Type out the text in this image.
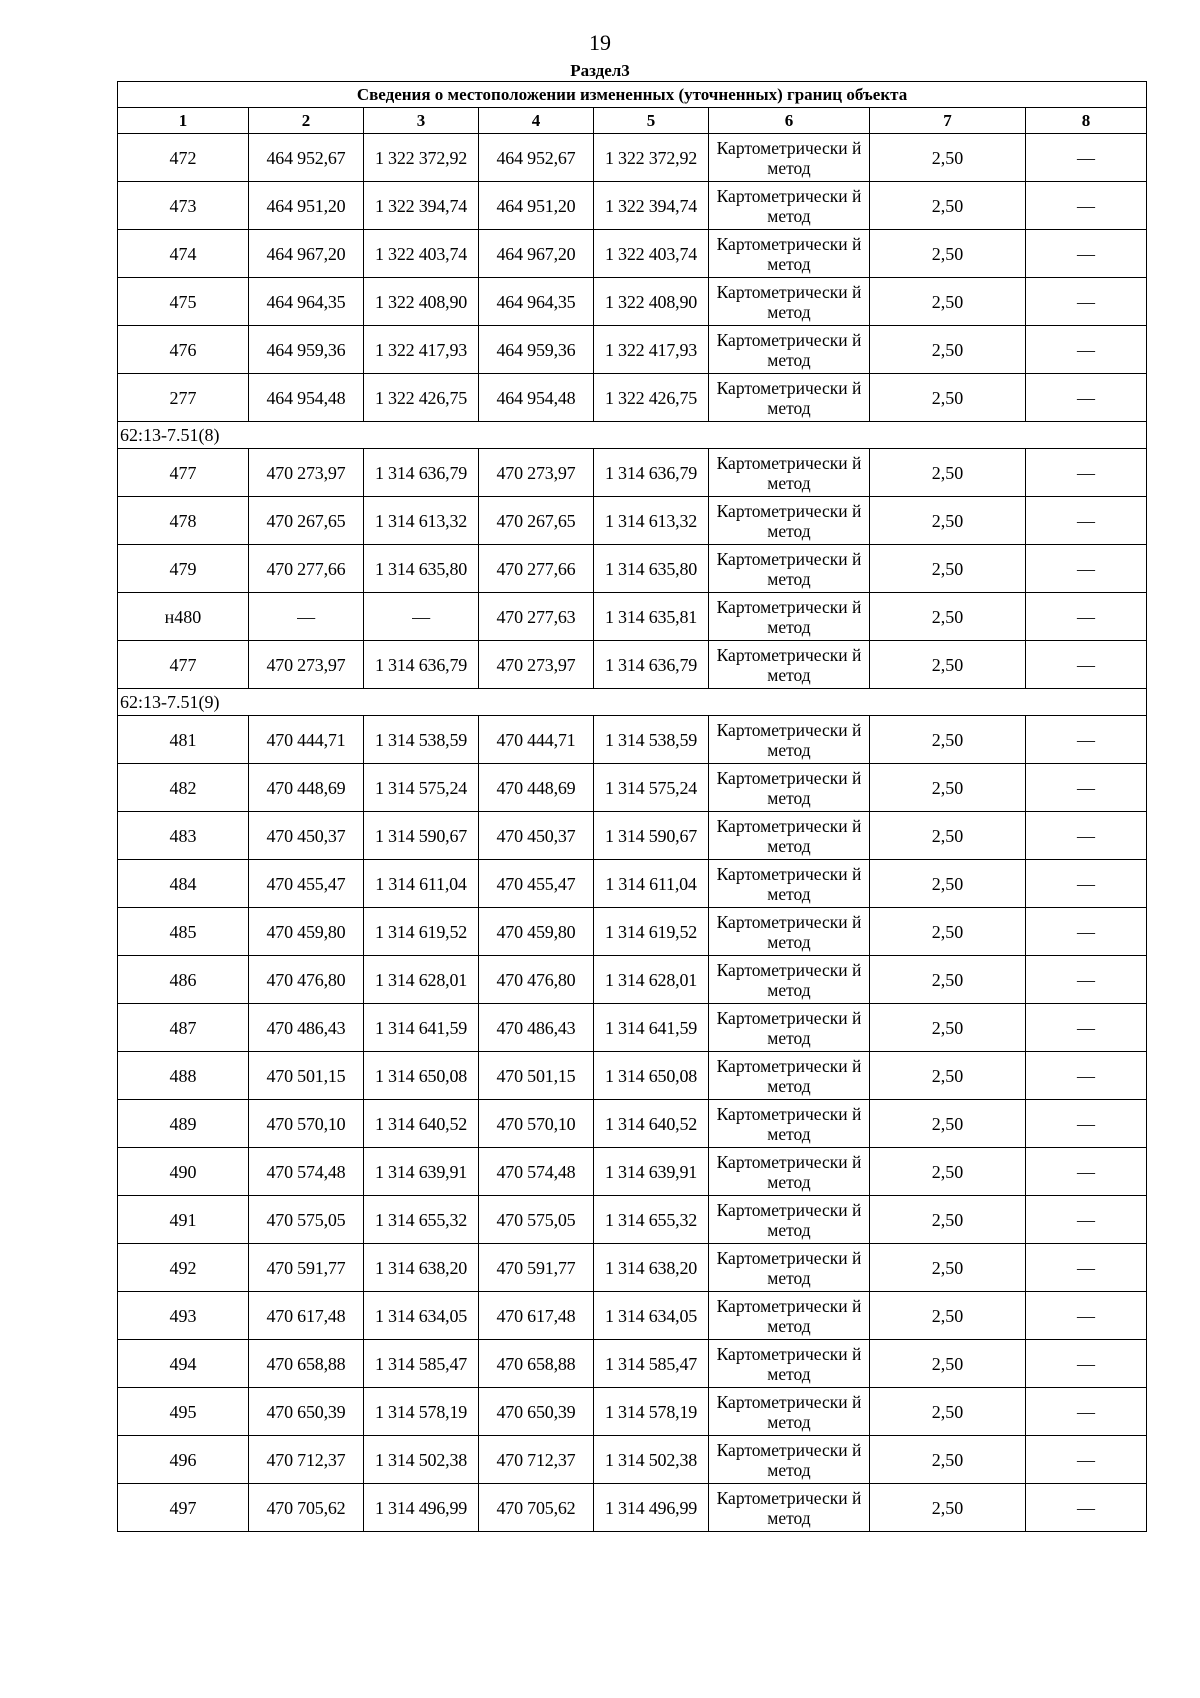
19
Раздел3
Сведения о местоположении измененных (уточненных) границ объекта							
1	2	3	4	5	6	7	8
472	464 952,67	1 322 372,92	464 952,67	1 322 372,92	Картометрически й метод	2,50	—
473	464 951,20	1 322 394,74	464 951,20	1 322 394,74	Картометрически й метод	2,50	—
474	464 967,20	1 322 403,74	464 967,20	1 322 403,74	Картометрически й метод	2,50	—
475	464 964,35	1 322 408,90	464 964,35	1 322 408,90	Картометрически й метод	2,50	—
476	464 959,36	1 322 417,93	464 959,36	1 322 417,93	Картометрически й метод	2,50	—
277	464 954,48	1 322 426,75	464 954,48	1 322 426,75	Картометрически й метод	2,50	—
62:13-7.51(8)							
477	470 273,97	1 314 636,79	470 273,97	1 314 636,79	Картометрически й метод	2,50	—
478	470 267,65	1 314 613,32	470 267,65	1 314 613,32	Картометрически й метод	2,50	—
479	470 277,66	1 314 635,80	470 277,66	1 314 635,80	Картометрически й метод	2,50	—
н480	—	—	470 277,63	1 314 635,81	Картометрически й метод	2,50	—
477	470 273,97	1 314 636,79	470 273,97	1 314 636,79	Картометрически й метод	2,50	—
62:13-7.51(9)							
481	470 444,71	1 314 538,59	470 444,71	1 314 538,59	Картометрически й метод	2,50	—
482	470 448,69	1 314 575,24	470 448,69	1 314 575,24	Картометрически й метод	2,50	—
483	470 450,37	1 314 590,67	470 450,37	1 314 590,67	Картометрически й метод	2,50	—
484	470 455,47	1 314 611,04	470 455,47	1 314 611,04	Картометрически й метод	2,50	—
485	470 459,80	1 314 619,52	470 459,80	1 314 619,52	Картометрически й метод	2,50	—
486	470 476,80	1 314 628,01	470 476,80	1 314 628,01	Картометрически й метод	2,50	—
487	470 486,43	1 314 641,59	470 486,43	1 314 641,59	Картометрически й метод	2,50	—
488	470 501,15	1 314 650,08	470 501,15	1 314 650,08	Картометрически й метод	2,50	—
489	470 570,10	1 314 640,52	470 570,10	1 314 640,52	Картометрически й метод	2,50	—
490	470 574,48	1 314 639,91	470 574,48	1 314 639,91	Картометрически й метод	2,50	—
491	470 575,05	1 314 655,32	470 575,05	1 314 655,32	Картометрически й метод	2,50	—
492	470 591,77	1 314 638,20	470 591,77	1 314 638,20	Картометрически й метод	2,50	—
493	470 617,48	1 314 634,05	470 617,48	1 314 634,05	Картометрически й метод	2,50	—
494	470 658,88	1 314 585,47	470 658,88	1 314 585,47	Картометрически й метод	2,50	—
495	470 650,39	1 314 578,19	470 650,39	1 314 578,19	Картометрически й метод	2,50	—
496	470 712,37	1 314 502,38	470 712,37	1 314 502,38	Картометрически й метод	2,50	—
497	470 705,62	1 314 496,99	470 705,62	1 314 496,99	Картометрически й метод	2,50	—
